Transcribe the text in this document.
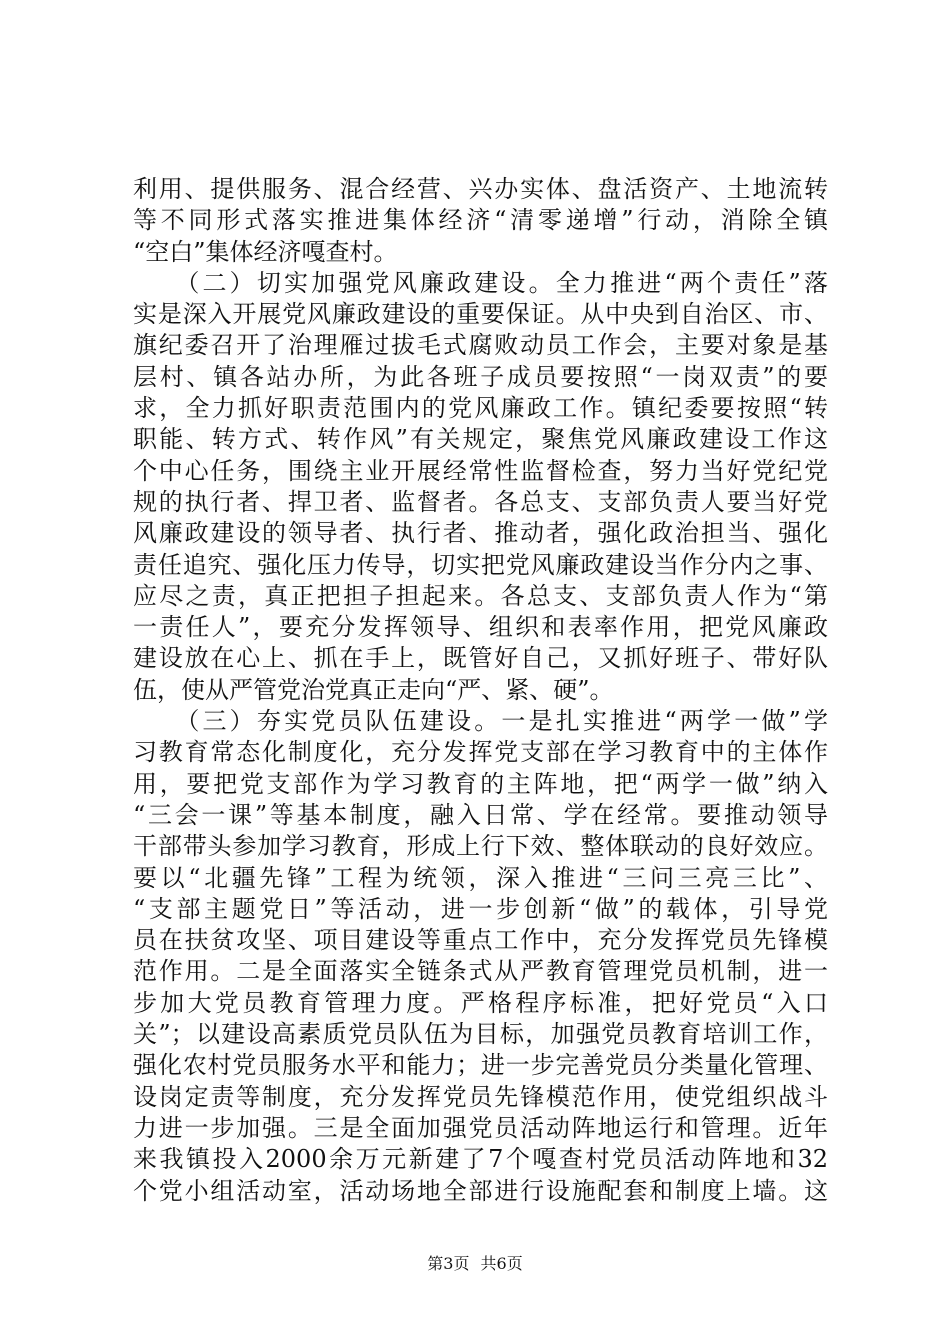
利用、提供服务、混合经营、兴办实体、盘活资产、土地流转
等不同形式落实推进集体经济“清零递增”行动，消除全镇
“空白”集体经济嘎查村。
　　（二）切实加强党风廉政建设。全力推进“两个责任”落
实是深入开展党风廉政建设的重要保证。从中央到自治区、市、
旗纪委召开了治理雁过拔毛式腐败动员工作会，主要对象是基
层村、镇各站办所，为此各班子成员要按照“一岗双责”的要
求，全力抓好职责范围内的党风廉政工作。镇纪委要按照“转
职能、转方式、转作风”有关规定，聚焦党风廉政建设工作这
个中心任务，围绕主业开展经常性监督检查，努力当好党纪党
规的执行者、捍卫者、监督者。各总支、支部负责人要当好党
风廉政建设的领导者、执行者、推动者，强化政治担当、强化
责任追究、强化压力传导，切实把党风廉政建设当作分内之事、
应尽之责，真正把担子担起来。各总支、支部负责人作为“第
一责任人”，要充分发挥领导、组织和表率作用，把党风廉政
建设放在心上、抓在手上，既管好自己，又抓好班子、带好队
伍，使从严管党治党真正走向“严、紧、硬”。
　　（三）夯实党员队伍建设。一是扎实推进“两学一做”学
习教育常态化制度化，充分发挥党支部在学习教育中的主体作
用，要把党支部作为学习教育的主阵地，把“两学一做”纳入
“三会一课”等基本制度，融入日常、学在经常。要推动领导
干部带头参加学习教育，形成上行下效、整体联动的良好效应。
要以“北疆先锋”工程为统领，深入推进“三问三亮三比”、
“支部主题党日”等活动，进一步创新“做”的载体，引导党
员在扶贫攻坚、项目建设等重点工作中，充分发挥党员先锋模
范作用。二是全面落实全链条式从严教育管理党员机制，进一
步加大党员教育管理力度。严格程序标准，把好党员“入口
关”；以建设高素质党员队伍为目标，加强党员教育培训工作，
强化农村党员服务水平和能力；进一步完善党员分类量化管理、
设岗定责等制度，充分发挥党员先锋模范作用，使党组织战斗
力进一步加强。三是全面加强党员活动阵地运行和管理。近年
来我镇投入2000余万元新建了7个嘎查村党员活动阵地和32
个党小组活动室，活动场地全部进行设施配套和制度上墙。这
第3页 共6页
